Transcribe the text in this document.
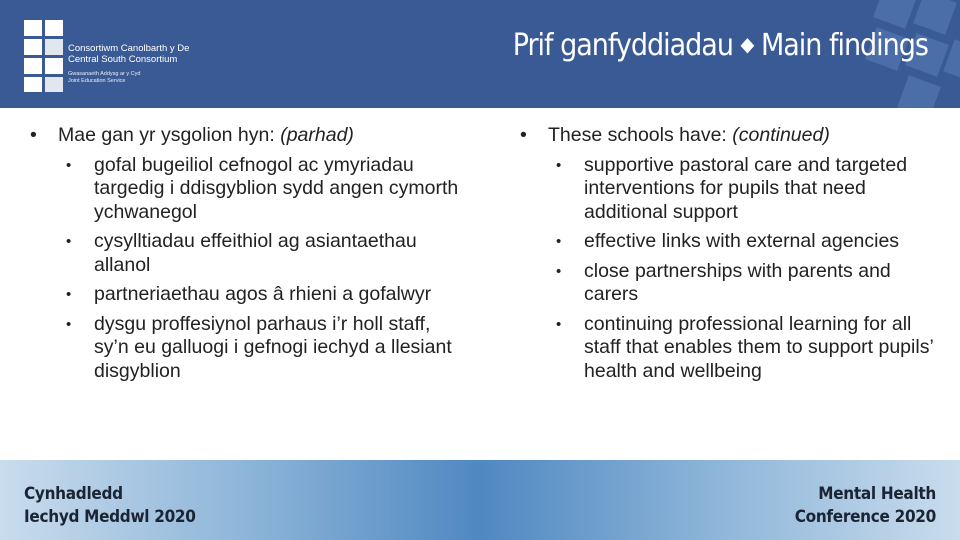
Consortiwm Canolbarth y De
Central South Consortium
Gwasanaeth Addysg ar y Cyd
Joint Education Service
Prif ganfyddiadau ◆ Main findings
• Mae gan yr ysgolion hyn: (parhad)
• gofal bugeiliol cefnogol ac ymyriadau targedig i ddisgyblion sydd angen cymorth ychwanegol
• cysylltiadau effeithiol ag asiantaethau allanol
• partneriaethau agos â rhieni a gofalwyr
• dysgu proffesiynol parhaus i’r holl staff, sy’n eu galluogi i gefnogi iechyd a llesiant disgyblion
• These schools have: (continued)
• supportive pastoral care and targeted interventions for pupils that need additional support
• effective links with external agencies
• close partnerships with parents and carers
• continuing professional learning for all staff that enables them to support pupils’ health and wellbeing
Cynhadledd
Iechyd Meddwl 2020
Mental Health
Conference 2020
